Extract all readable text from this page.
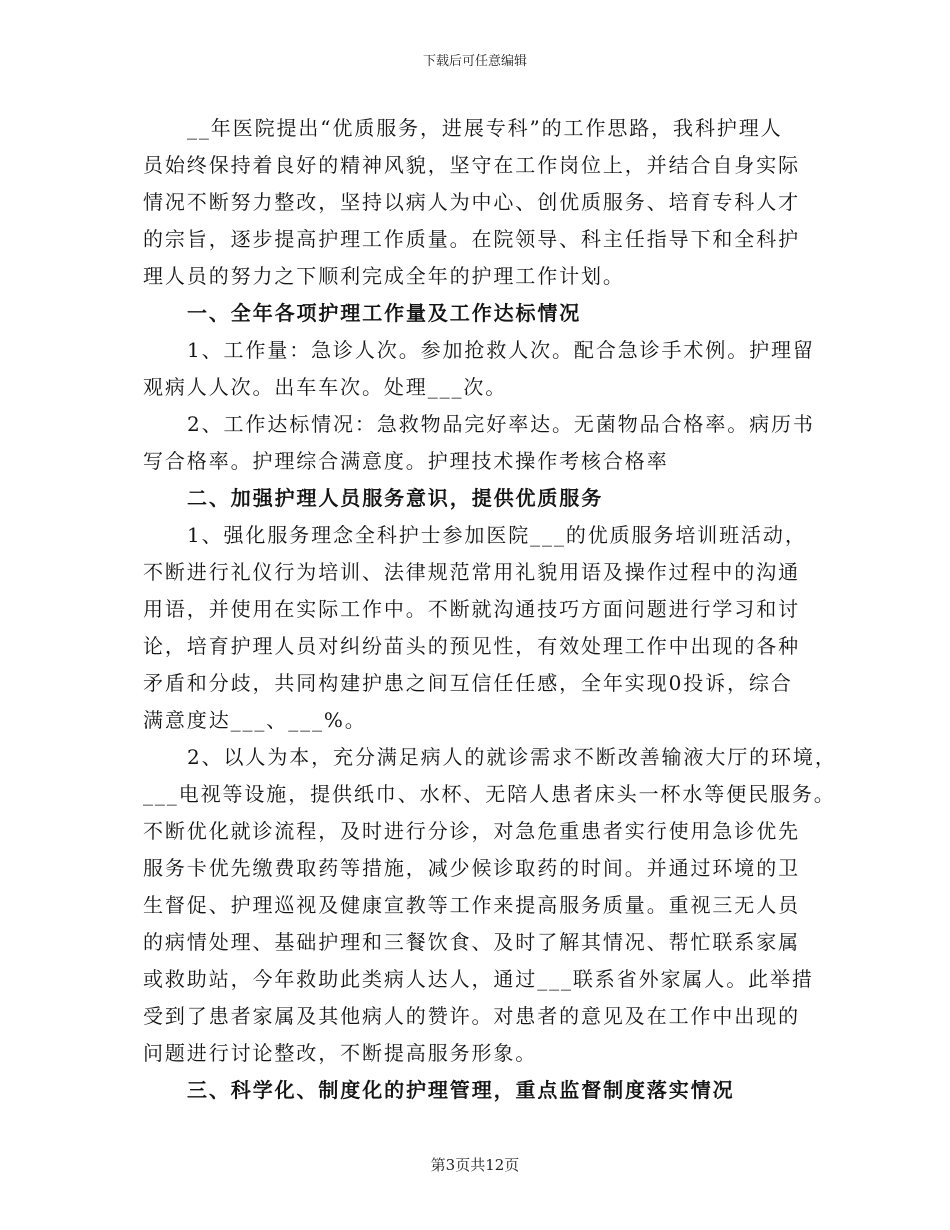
下载后可任意编辑
__年医院提出“优质服务，进展专科”的工作思路，我科护理人
员始终保持着良好的精神风貌，坚守在工作岗位上，并结合自身实际
情况不断努力整改，坚持以病人为中心、创优质服务、培育专科人才
的宗旨，逐步提高护理工作质量。在院领导、科主任指导下和全科护
理人员的努力之下顺利完成全年的护理工作计划。
一、全年各项护理工作量及工作达标情况
1、工作量：急诊人次。参加抢救人次。配合急诊手术例。护理留
观病人人次。出车车次。处理___次。
2、工作达标情况：急救物品完好率达。无菌物品合格率。病历书
写合格率。护理综合满意度。护理技术操作考核合格率
二、加强护理人员服务意识，提供优质服务
1、强化服务理念全科护士参加医院___的优质服务培训班活动，
不断进行礼仪行为培训、法律规范常用礼貌用语及操作过程中的沟通
用语，并使用在实际工作中。不断就沟通技巧方面问题进行学习和讨
论，培育护理人员对纠纷苗头的预见性，有效处理工作中出现的各种
矛盾和分歧，共同构建护患之间互信任任感，全年实现0投诉，综合
满意度达___、___%。
2、以人为本，充分满足病人的就诊需求不断改善输液大厅的环境，
___电视等设施，提供纸巾、水杯、无陪人患者床头一杯水等便民服务。
不断优化就诊流程，及时进行分诊，对急危重患者实行使用急诊优先
服务卡优先缴费取药等措施，减少候诊取药的时间。并通过环境的卫
生督促、护理巡视及健康宣教等工作来提高服务质量。重视三无人员
的病情处理、基础护理和三餐饮食、及时了解其情况、帮忙联系家属
或救助站，今年救助此类病人达人，通过___联系省外家属人。此举措
受到了患者家属及其他病人的赞许。对患者的意见及在工作中出现的
问题进行讨论整改，不断提高服务形象。
三、科学化、制度化的护理管理，重点监督制度落实情况
第3页共12页
